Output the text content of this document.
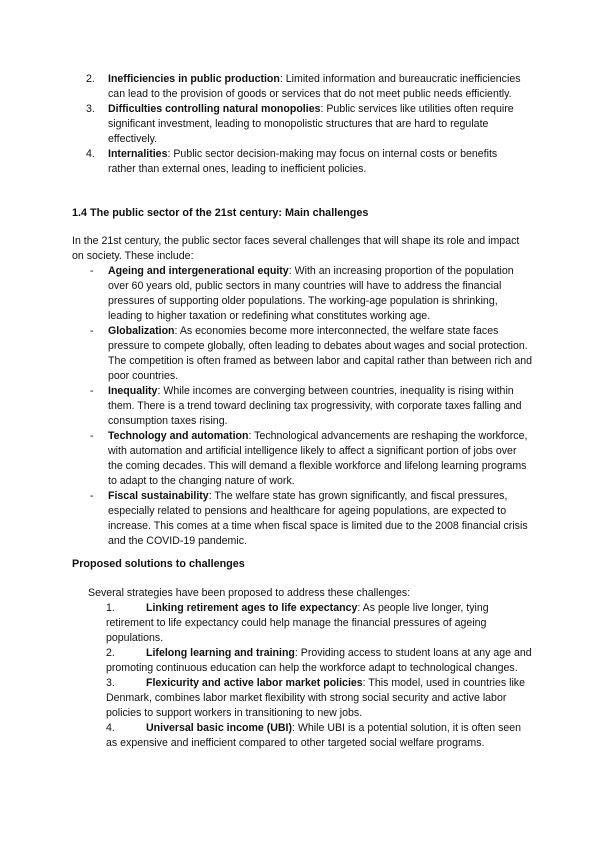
2. Inefficiencies in public production: Limited information and bureaucratic inefficiencies can lead to the provision of goods or services that do not meet public needs efficiently.
3. Difficulties controlling natural monopolies: Public services like utilities often require significant investment, leading to monopolistic structures that are hard to regulate effectively.
4. Internalities: Public sector decision-making may focus on internal costs or benefits rather than external ones, leading to inefficient policies.

1.4 The public sector of the 21st century: Main challenges

In the 21st century, the public sector faces several challenges that will shape its role and impact on society. These include:

- Ageing and intergenerational equity: With an increasing proportion of the population over 60 years old, public sectors in many countries will have to address the financial pressures of supporting older populations. The working-age population is shrinking, leading to higher taxation or redefining what constitutes working age.
- Globalization: As economies become more interconnected, the welfare state faces pressure to compete globally, often leading to debates about wages and social protection. The competition is often framed as between labor and capital rather than between rich and poor countries.
- Inequality: While incomes are converging between countries, inequality is rising within them. There is a trend toward declining tax progressivity, with corporate taxes falling and consumption taxes rising.
- Technology and automation: Technological advancements are reshaping the workforce, with automation and artificial intelligence likely to affect a significant portion of jobs over the coming decades. This will demand a flexible workforce and lifelong learning programs to adapt to the changing nature of work.
- Fiscal sustainability: The welfare state has grown significantly, and fiscal pressures, especially related to pensions and healthcare for ageing populations, are expected to increase. This comes at a time when fiscal space is limited due to the 2008 financial crisis and the COVID-19 pandemic.

Proposed solutions to challenges

Several strategies have been proposed to address these challenges:

1.	Linking retirement ages to life expectancy: As people live longer, tying retirement to life expectancy could help manage the financial pressures of ageing populations.
2.	Lifelong learning and training: Providing access to student loans at any age and promoting continuous education can help the workforce adapt to technological changes.
3.	Flexicurity and active labor market policies: This model, used in countries like Denmark, combines labor market flexibility with strong social security and active labor policies to support workers in transitioning to new jobs.
4.	Universal basic income (UBI): While UBI is a potential solution, it is often seen as expensive and inefficient compared to other targeted social welfare programs.
